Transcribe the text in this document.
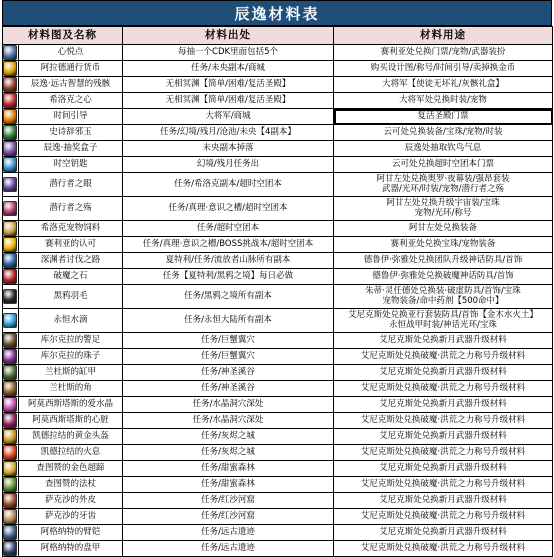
辰逸材料表
材料图及名称		材料出处	材料用途

	心悦点	每抽一个CDK里面包括5个	赛利亚处兑换门票/宠物/武器装扮

	阿拉德通行货币	任务/未央副本/商城	购买设计图/称号/时间引导/卖掉换金币

	辰逸·远古智慧的残骸	无相冥渊【简单/困难/复活圣殿】	大将军【使徒无坏礼/灰骸礼盒】

	希洛克之心	无相冥渊【简单/困难/复活圣殿】	大将军处兑换时装/宠物

	时间引导	大将军/商城	复活圣殿门票

	史诗辞邪玉	任务/幻境/残月/沧池/未央【4副本】	云可处兑换装备/宝珠/宠物/时装

	辰逸·抽奖盒子	未央副本掉落	辰逸处抽取钦鸟气息

	时空钥匙	幻境/残月任务出	云可处兑换超时空团本门票

	潜行者之眼	任务/希洛克副本/超时空团本	阿甘左处兑换奥罗·夜幕装/强昂套装
武器/光环/时装/宠物/潜行者之殇

	潜行者之殇	任务/真理·意识之槽/超时空团本	阿甘左处兑换升级宇宙装/宝珠
宠物/光环/称号

	希洛克宠物饲料	任务/超时空团本	阿甘左处兑换装备

	赛利亚的认可	任务/真理·意识之槽/BOSS挑战本/超时空团本	赛利亚处兑换宝珠/宠物装备

	深渊者讨伐之路	夏特利/任务/流放者山脉所有副本	德鲁伊·弥雅处兑换团队升级神话防具/首饰

	破魔之石	任务【夏特利/黑鸦之境】每日必做	德鲁伊·弥雅处兑换破魔神话防具/首饰

	黑鸦羽毛	任务/黑鸦之境所有副本	朱蒂·灵任德处兑换装·破虚防具/首饰/宝珠
宠物装备/命中药剂【500命中】

	永恒水滴	任务/永恒大陆所有副本	艾尼克斯处兑换亚行套装防具/首饰【金木水火土】
永恒战甲时装/神话光环/宝珠

	库尔克拉的警足	任务/巨蟹翼穴	艾尼克斯处兑换新月武器升级材料

	库尔克拉的珠子	任务/巨蟹翼穴	艾尼克斯处兑换破魔·洪荒之力称号升级材料

	兰杜斯的缸甲	任务/神圣溪谷	艾尼克斯处兑换新月武器升级材料

	兰杜斯的角	任务/神圣溪谷	艾尼克斯处兑换破魔·洪荒之力称号升级材料

	阿莫西斯塔斯的爱水晶	任务/水晶洞穴深处	艾尼克斯处兑换新月武器升级材料

	阿莫西斯塔斯的心脏	任务/水晶洞穴深处	艾尼克斯处兑换破魔·洪荒之力称号升级材料

	凯德拉结的黄金头盔	任务/灰烬之城	艾尼克斯处兑换新月武器升级材料

	凯德拉结的火息	任务/灰烬之城	艾尼克斯处兑换破魔·洪荒之力称号升级材料

	查图赞的金色超蹄	任务/甜蜜森林	艾尼克斯处兑换新月武器升级材料

	查图赞的法杖	任务/甜蜜森林	艾尼克斯处兑换破魔·洪荒之力称号升级材料

	萨克沙的外皮	任务/红沙河窟	艾尼克斯处兑换新月武器升级材料

	萨克沙的牙齿	任务/红沙河窟	艾尼克斯处兑换破魔·洪荒之力称号升级材料

	阿格纳特的臂铠	任务/远古遗迹	艾尼克斯处兑换新月武器升级材料

	阿格纳特的盘甲	任务/远古遗迹	艾尼克斯处兑换破魔·洪荒之力称号升级材料
